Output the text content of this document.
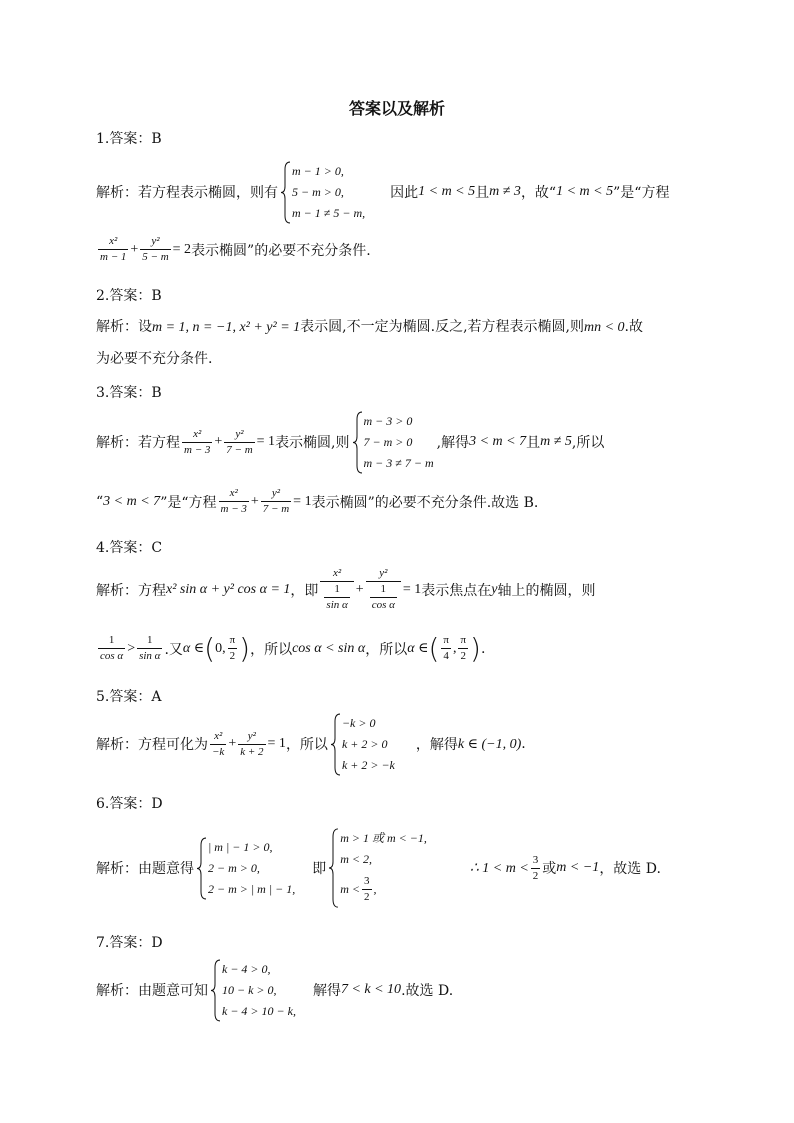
答案以及解析
1.答案：B
解析：若方程表示椭圆，则有
m − 1 > 0,
5 − m > 0,
m − 1 ≠ 5 − m,
因此 1 < m < 5 且 m ≠ 3 ，故“ 1 < m < 5 ”是“方程
$\frac{\text{x²}}{m - 1} + \frac{\text{y²}}{5 - m} = 2$ 表示椭圆”的必要不充分条件.
2.答案：B
解析：设m = 1, n = −1, x² + y² = 1表示圆,不一定为椭圆.反之,若方程表示椭圆,则mn < 0.故
为必要不充分条件.
3.答案：B
解析：若方程 $\frac{\text{x²}}{m - 3} + \frac{\text{y²}}{7 - m} = 1$ 表示椭圆,则
m − 3 > 0
7 − m > 0
m − 3 ≠ 7 − m
,解得 3 < m < 7 且 m ≠ 5 ,所以
“ 3 < m < 7 ”是“方程 $\frac{\text{x²}}{m - 3} + \frac{\text{y²}}{7 - m} = 1$ 表示椭圆”的必要不充分条件.故选 B.
4.答案：C
解析：方程 x² sin α + y² cos α = 1 ，即 $\frac{\text{x²}}{\frac{1}{\text{sin α}}} + \frac{\text{y²}}{\frac{1}{\text{cos α}}} = 1$ 表示焦点在 y 轴上的椭圆，则
$\frac{1}{\text{cos α}} > \frac{1}{\text{sin α}}$ .又 α ∈ ( 0, $\frac{\pi}{2}$ ) ，所以 cos α < sin α ，所以 α ∈ ( $\frac{\pi}{4}$ , $\frac{\pi}{2}$ ) .
5.答案：A
解析：方程可化为 $\frac{\text{x²}}{-k} + \frac{\text{y²}}{k + 2} = 1$ ，所以
−k > 0
k + 2 > 0
k + 2 > −k
，解得 k ∈ (−1, 0) .
6.答案：D
解析：由题意得
| m | − 1 > 0,
2 − m > 0,
2 − m > | m | − 1,
即
m > 1 或 m < −1,
m < 2,
$m < \frac{3}{2}$ ,
∴ $1 < m < \frac{3}{2}$ 或 m < −1 ，故选 D.
7.答案：D
解析：由题意可知
k − 4 > 0,
10 − k > 0,
k − 4 > 10 − k,
解得 7 < k < 10 .故选 D.
